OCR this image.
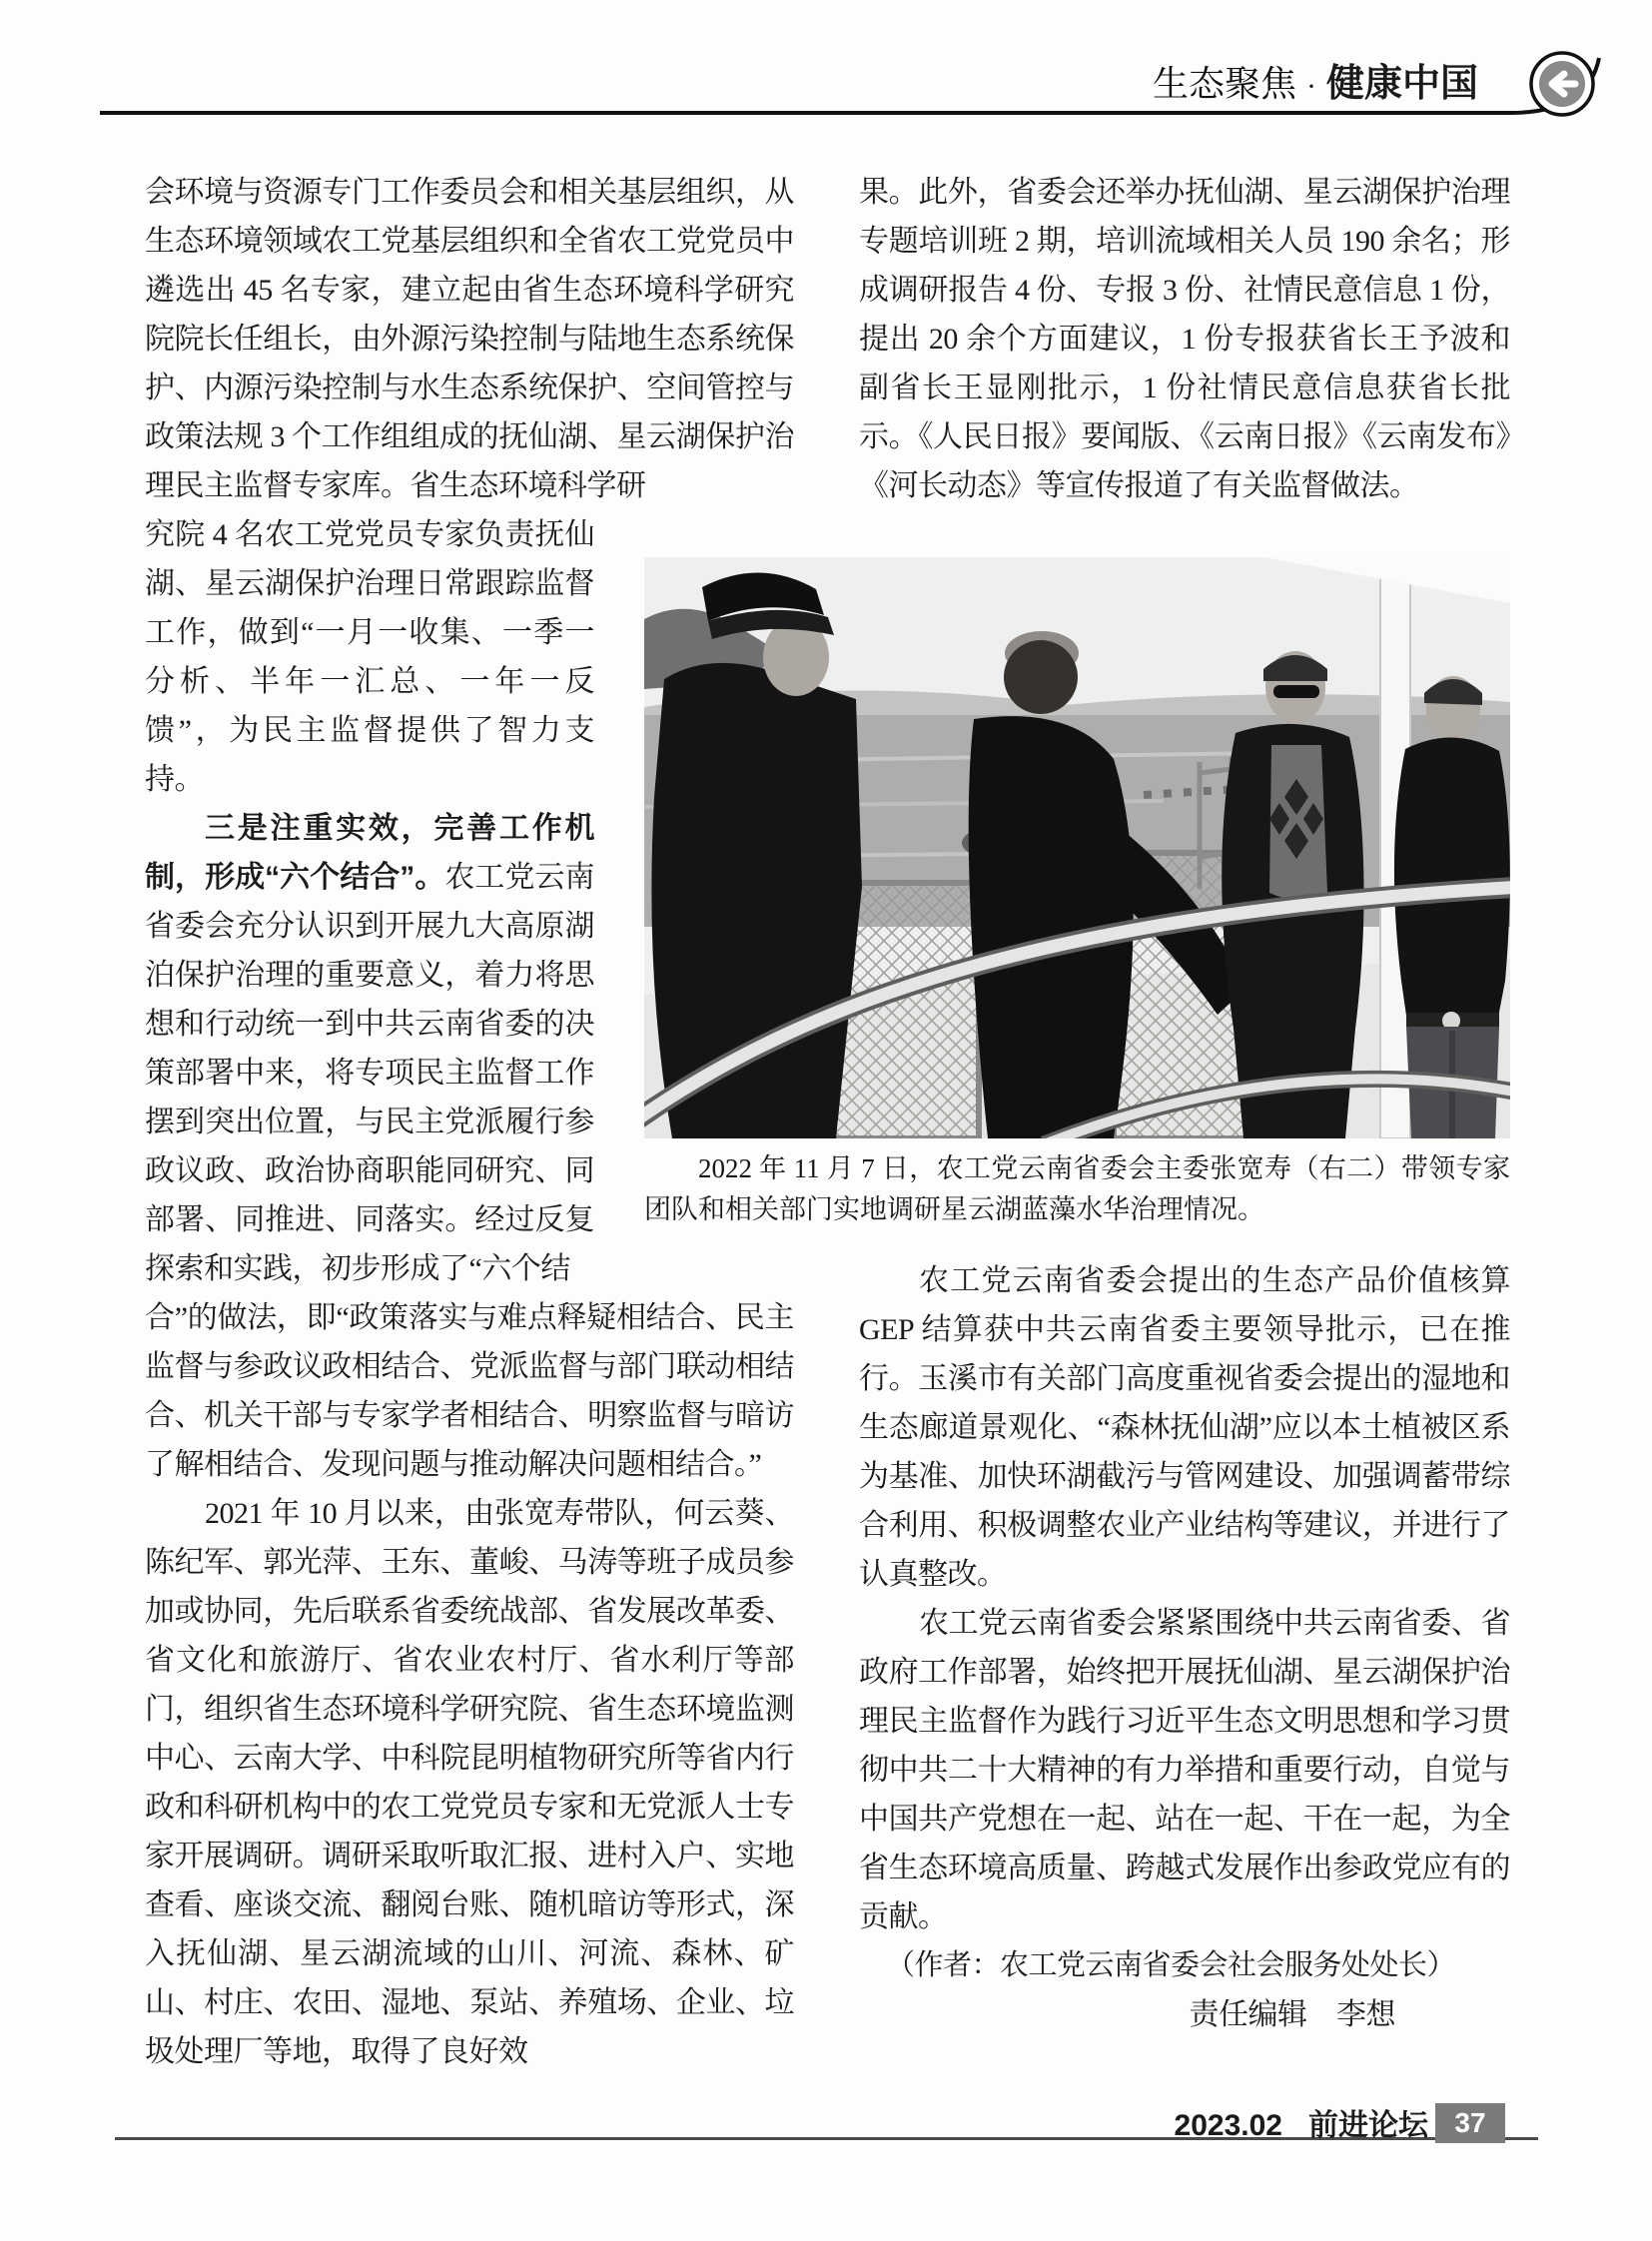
生态聚焦 · 健康中国

会环境与资源专门工作委员会和相关基层组织，从生态环境领域农工党基层组织和全省农工党党员中遴选出 45 名专家，建立起由省生态环境科学研究院院长任组长，由外源污染控制与陆地生态系统保护、内源污染控制与水生态系统保护、空间管控与政策法规 3 个工作组组成的抚仙湖、星云湖保护治理民主监督专家库。省生态环境科学研

究院 4 名农工党党员专家负责抚仙湖、星云湖保护治理日常跟踪监督工作，做到“一月一收集、一季一分析、半年一汇总、一年一反馈”，为民主监督提供了智力支持。

三是注重实效，完善工作机制，形成“六个结合”。农工党云南省委会充分认识到开展九大高原湖泊保护治理的重要意义，着力将思想和行动统一到中共云南省委的决策部署中来，将专项民主监督工作摆到突出位置，与民主党派履行参政议政、政治协商职能同研究、同部署、同推进、同落实。经过反复探索和实践，初步形成了“六个结

合”的做法，即“政策落实与难点释疑相结合、民主监督与参政议政相结合、党派监督与部门联动相结合、机关干部与专家学者相结合、明察监督与暗访了解相结合、发现问题与推动解决问题相结合。”

2021 年 10 月以来，由张宽寿带队，何云葵、陈纪军、郭光萍、王东、董峻、马涛等班子成员参加或协同，先后联系省委统战部、省发展改革委、省文化和旅游厅、省农业农村厅、省水利厅等部门，组织省生态环境科学研究院、省生态环境监测中心、云南大学、中科院昆明植物研究所等省内行政和科研机构中的农工党党员专家和无党派人士专家开展调研。调研采取听取汇报、进村入户、实地查看、座谈交流、翻阅台账、随机暗访等形式，深入抚仙湖、星云湖流域的山川、河流、森林、矿山、村庄、农田、湿地、泵站、养殖场、企业、垃圾处理厂等地，取得了良好效

果。此外，省委会还举办抚仙湖、星云湖保护治理专题培训班 2 期，培训流域相关人员 190 余名；形成调研报告 4 份、专报 3 份、社情民意信息 1 份，提出 20 余个方面建议，1 份专报获省长王予波和副省长王显刚批示，1 份社情民意信息获省长批示。《人民日报》要闻版、《云南日报》《云南发布》《河长动态》等宣传报道了有关监督做法。

2022 年 11 月 7 日，农工党云南省委会主委张宽寿（右二）带领专家团队和相关部门实地调研星云湖蓝藻水华治理情况。

农工党云南省委会提出的生态产品价值核算 GEP 结算获中共云南省委主要领导批示，已在推行。玉溪市有关部门高度重视省委会提出的湿地和生态廊道景观化、“森林抚仙湖”应以本土植被区系为基准、加快环湖截污与管网建设、加强调蓄带综合利用、积极调整农业产业结构等建议，并进行了认真整改。

农工党云南省委会紧紧围绕中共云南省委、省政府工作部署，始终把开展抚仙湖、星云湖保护治理民主监督作为践行习近平生态文明思想和学习贯彻中共二十大精神的有力举措和重要行动，自觉与中国共产党想在一起、站在一起、干在一起，为全省生态环境高质量、跨越式发展作出参政党应有的贡献。

（作者：农工党云南省委会社会服务处处长）

责任编辑　李想

2023.02 前进论坛 37
